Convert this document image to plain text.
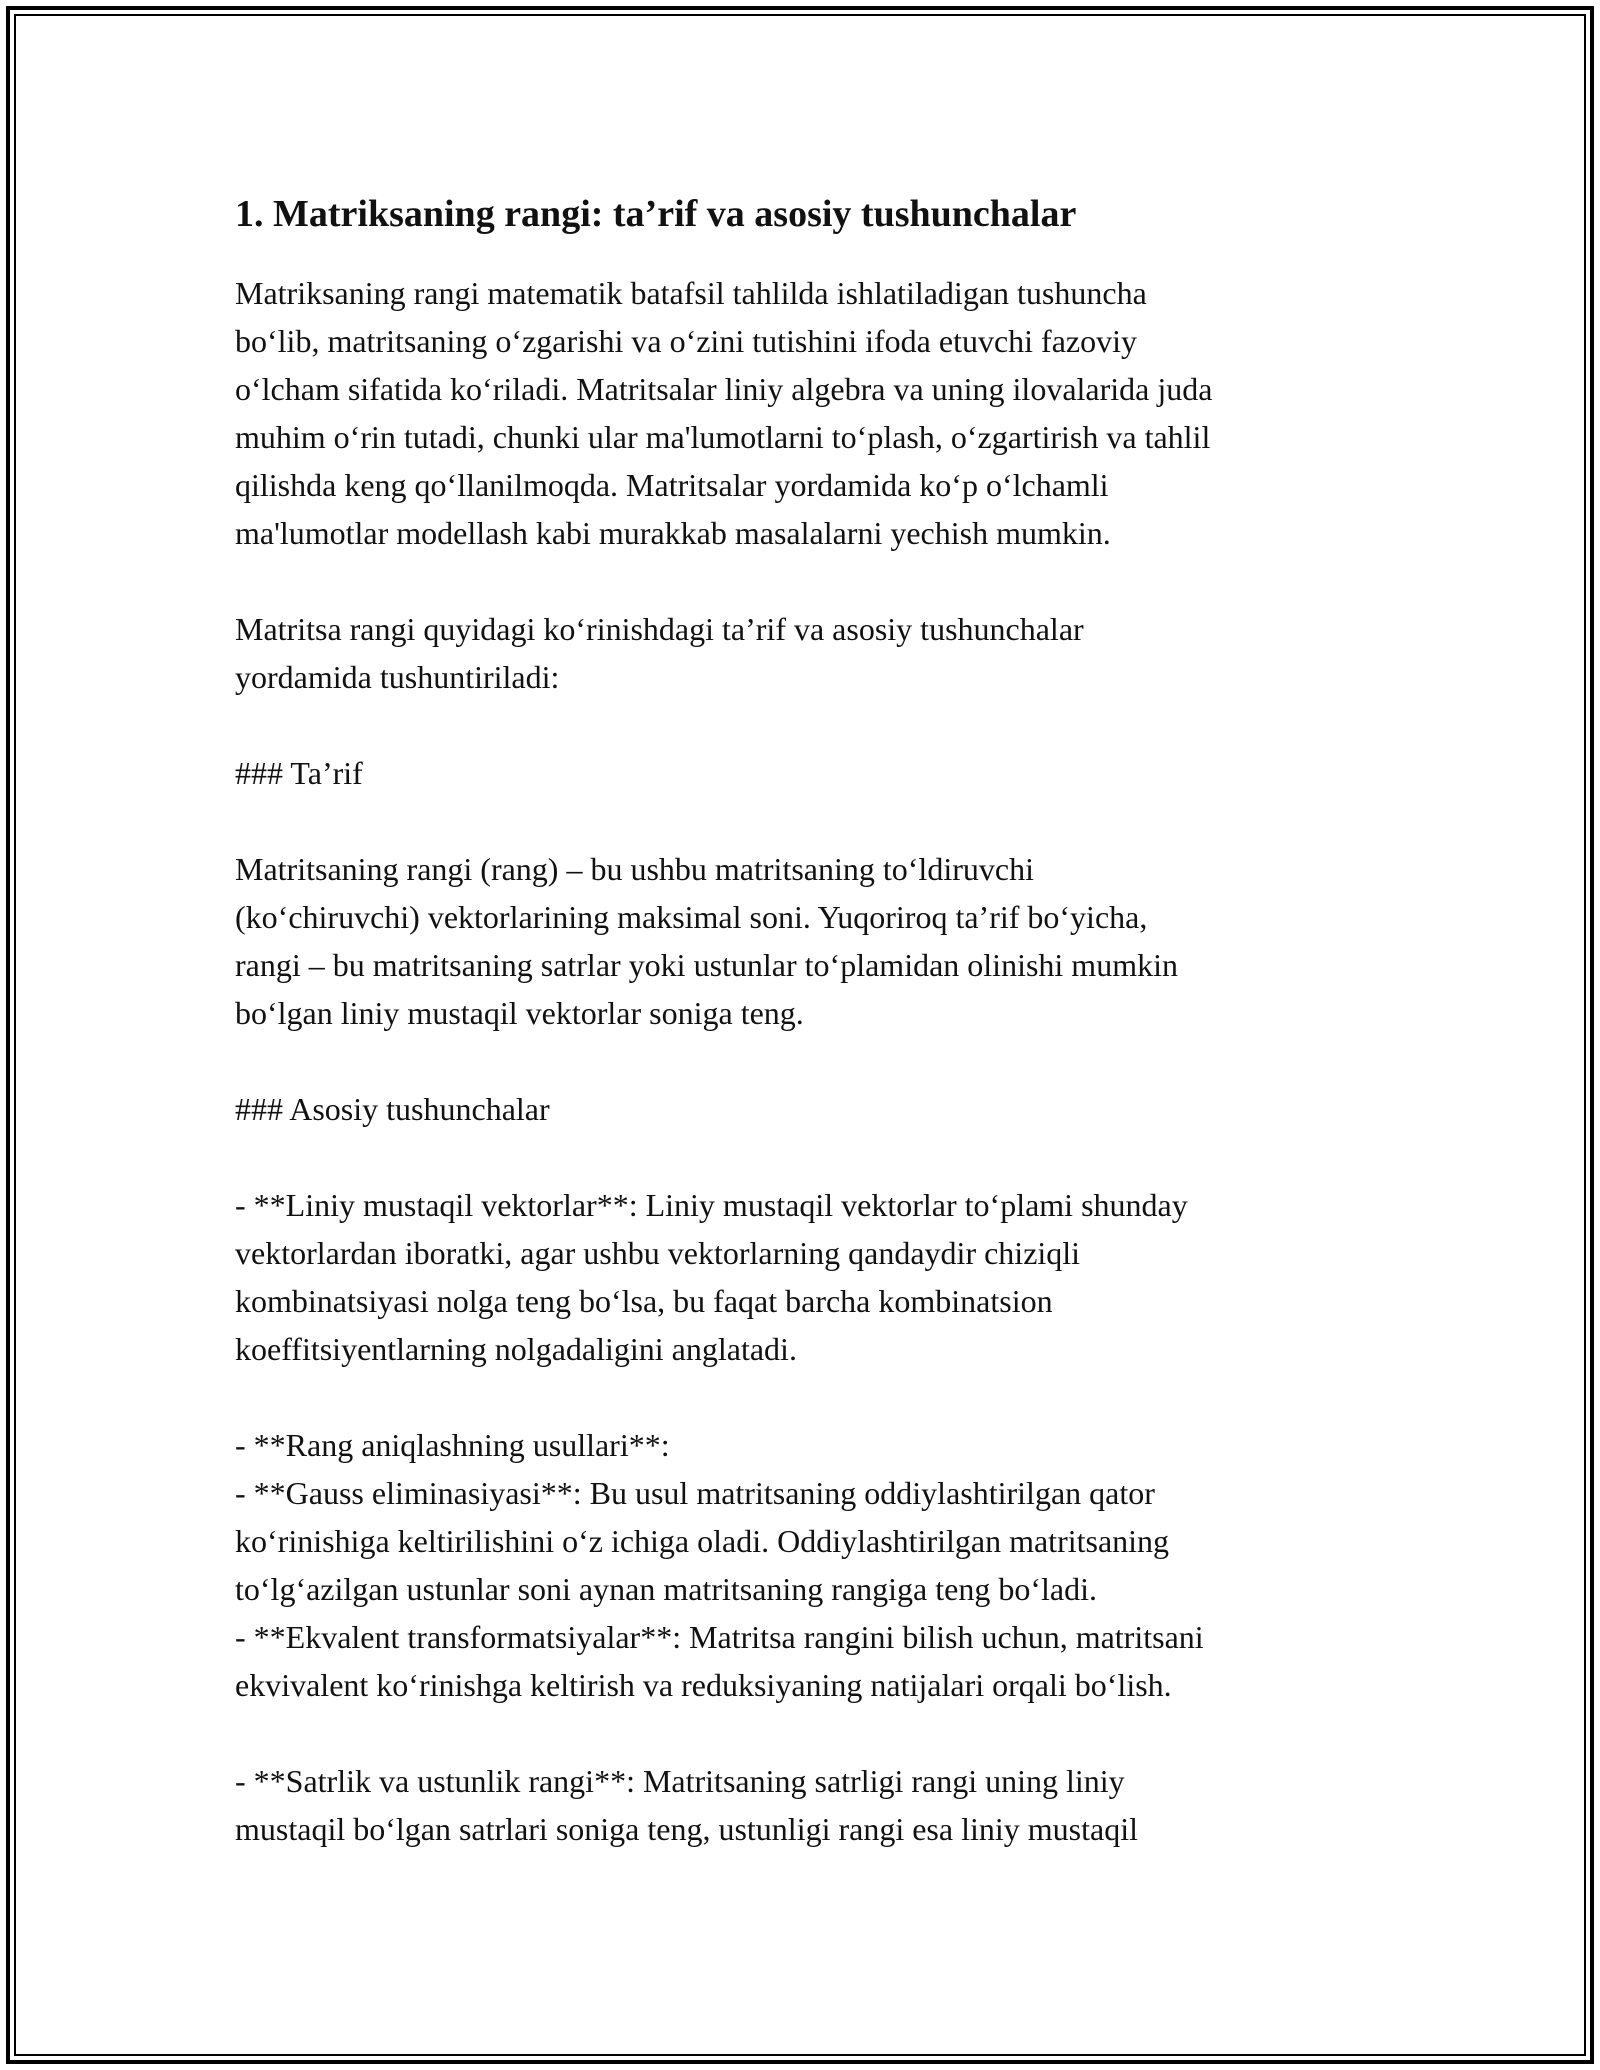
1. Matriksaning rangi: ta’rif va asosiy tushunchalar

Matriksaning rangi matematik batafsil tahlilda ishlatiladigan tushuncha
bo‘lib, matritsaning o‘zgarishi va o‘zini tutishini ifoda etuvchi fazoviy
o‘lcham sifatida ko‘riladi. Matritsalar liniy algebra va uning ilovalarida juda
muhim o‘rin tutadi, chunki ular ma'lumotlarni to‘plash, o‘zgartirish va tahlil
qilishda keng qo‘llanilmoqda. Matritsalar yordamida ko‘p o‘lchamli
ma'lumotlar modellash kabi murakkab masalalarni yechish mumkin.

Matritsa rangi quyidagi ko‘rinishdagi ta’rif va asosiy tushunchalar
yordamida tushuntiriladi:

### Ta’rif

Matritsaning rangi (rang) – bu ushbu matritsaning to‘ldiruvchi
(ko‘chiruvchi) vektorlarining maksimal soni. Yuqoriroq ta’rif bo‘yicha,
rangi – bu matritsaning satrlar yoki ustunlar to‘plamidan olinishi mumkin
bo‘lgan liniy mustaqil vektorlar soniga teng.

### Asosiy tushunchalar

- **Liniy mustaqil vektorlar**: Liniy mustaqil vektorlar to‘plami shunday
vektorlardan iboratki, agar ushbu vektorlarning qandaydir chiziqli
kombinatsiyasi nolga teng bo‘lsa, bu faqat barcha kombinatsion
koeffitsiyentlarning nolgadaligini anglatadi.

- **Rang aniqlashning usullari**:
- **Gauss eliminasiyasi**: Bu usul matritsaning oddiylashtirilgan qator
ko‘rinishiga keltirilishini o‘z ichiga oladi. Oddiylashtirilgan matritsaning
to‘lg‘azilgan ustunlar soni aynan matritsaning rangiga teng bo‘ladi.
- **Ekvalent transformatsiyalar**: Matritsa rangini bilish uchun, matritsani
ekvivalent ko‘rinishga keltirish va reduksiyaning natijalari orqali bo‘lish.

- **Satrlik va ustunlik rangi**: Matritsaning satrligi rangi uning liniy
mustaqil bo‘lgan satrlari soniga teng, ustunligi rangi esa liniy mustaqil
